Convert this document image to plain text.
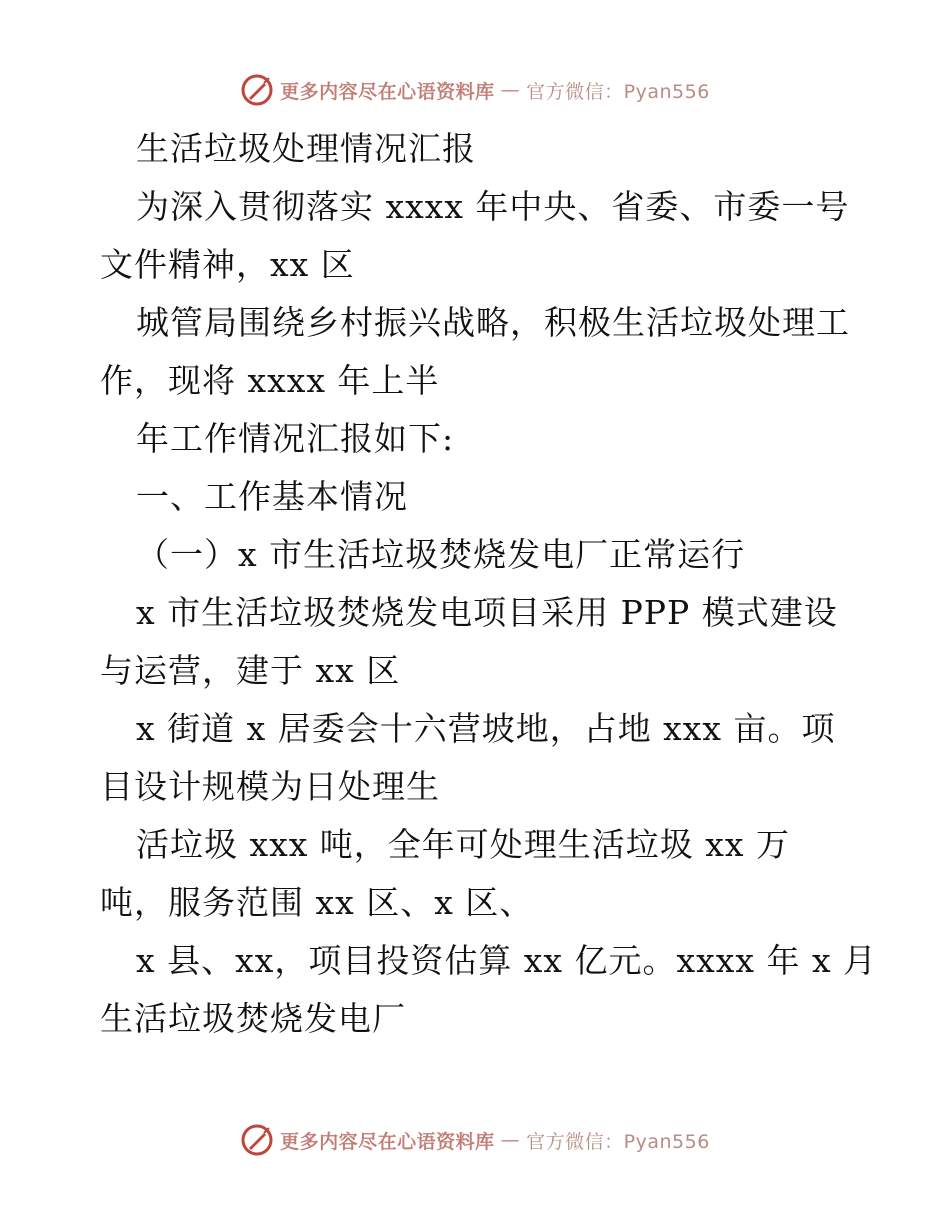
更多内容尽在心语资料库 — 官方微信：Pyan556
生活垃圾处理情况汇报
为深入贯彻落实 xxxx 年中央、省委、市委一号
文件精神，xx 区
城管局围绕乡村振兴战略，积极生活垃圾处理工
作，现将 xxxx 年上半
年工作情况汇报如下:
一、工作基本情况
（一）x 市生活垃圾焚烧发电厂正常运行
x 市生活垃圾焚烧发电项目采用 PPP 模式建设
与运营，建于 xx 区
x 街道 x 居委会十六营坡地，占地 xxx 亩。项
目设计规模为日处理生
活垃圾 xxx 吨，全年可处理生活垃圾 xx 万
吨，服务范围 xx 区、x 区、
x 县、xx，项目投资估算 xx 亿元。xxxx 年 x 月
生活垃圾焚烧发电厂
更多内容尽在心语资料库 — 官方微信：Pyan556
